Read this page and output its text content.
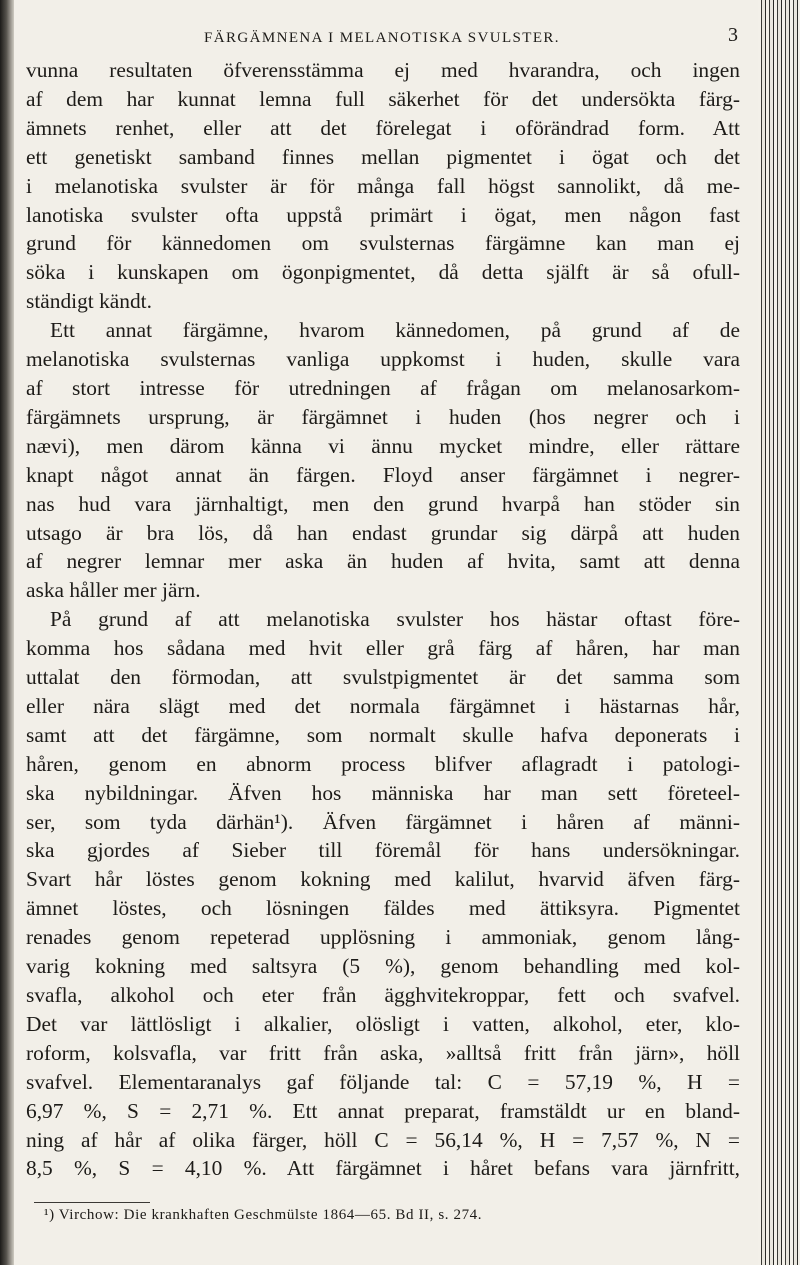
FÄRGÄMNENA I MELANOTISKA SVULSTER.	3
vunna resultaten öfverensstämma ej med hvarandra, och ingen
af dem har kunnat lemna full säkerhet för det undersökta färg-
ämnets renhet, eller att det förelegat i oförändrad form. Att
ett genetiskt samband finnes mellan pigmentet i ögat och det
i melanotiska svulster är för många fall högst sannolikt, då me-
lanotiska svulster ofta uppstå primärt i ögat, men någon fast
grund för kännedomen om svulsternas färgämne kan man ej
söka i kunskapen om ögonpigmentet, då detta själft är så ofull-
ständigt kändt.
Ett annat färgämne, hvarom kännedomen, på grund af de
melanotiska svulsternas vanliga uppkomst i huden, skulle vara
af stort intresse för utredningen af frågan om melanosarkom-
färgämnets ursprung, är färgämnet i huden (hos negrer och i
nævi), men därom känna vi ännu mycket mindre, eller rättare
knapt något annat än färgen. Floyd anser färgämnet i negrer-
nas hud vara järnhaltigt, men den grund hvarpå han stöder sin
utsago är bra lös, då han endast grundar sig därpå att huden
af negrer lemnar mer aska än huden af hvita, samt att denna
aska håller mer järn.
På grund af att melanotiska svulster hos hästar oftast före-
komma hos sådana med hvit eller grå färg af håren, har man
uttalat den förmodan, att svulstpigmentet är det samma som
eller nära slägt med det normala färgämnet i hästarnas hår,
samt att det färgämne, som normalt skulle hafva deponerats i
håren, genom en abnorm process blifver aflagradt i patologi-
ska nybildningar. Äfven hos människa har man sett företeel-
ser, som tyda därhän¹). Äfven färgämnet i håren af männi-
ska gjordes af Sieber till föremål för hans undersökningar.
Svart hår löstes genom kokning med kalilut, hvarvid äfven färg-
ämnet löstes, och lösningen fäldes med ättiksyra. Pigmentet
renades genom repeterad upplösning i ammoniak, genom lång-
varig kokning med saltsyra (5 %), genom behandling med kol-
svafla, alkohol och eter från ägghvitekroppar, fett och svafvel.
Det var lättlösligt i alkalier, olösligt i vatten, alkohol, eter, klo-
roform, kolsvafla, var fritt från aska, »alltså fritt från järn», höll
svafvel. Elementaranalys gaf följande tal: C = 57,19 %, H =
6,97 %, S = 2,71 %. Ett annat preparat, framstäldt ur en bland-
ning af hår af olika färger, höll C = 56,14 %, H = 7,57 %, N =
8,5 %, S = 4,10 %. Att färgämnet i håret befans vara järnfritt,
¹) Virchow: Die krankhaften Geschmülste 1864—65. Bd II, s. 274.
